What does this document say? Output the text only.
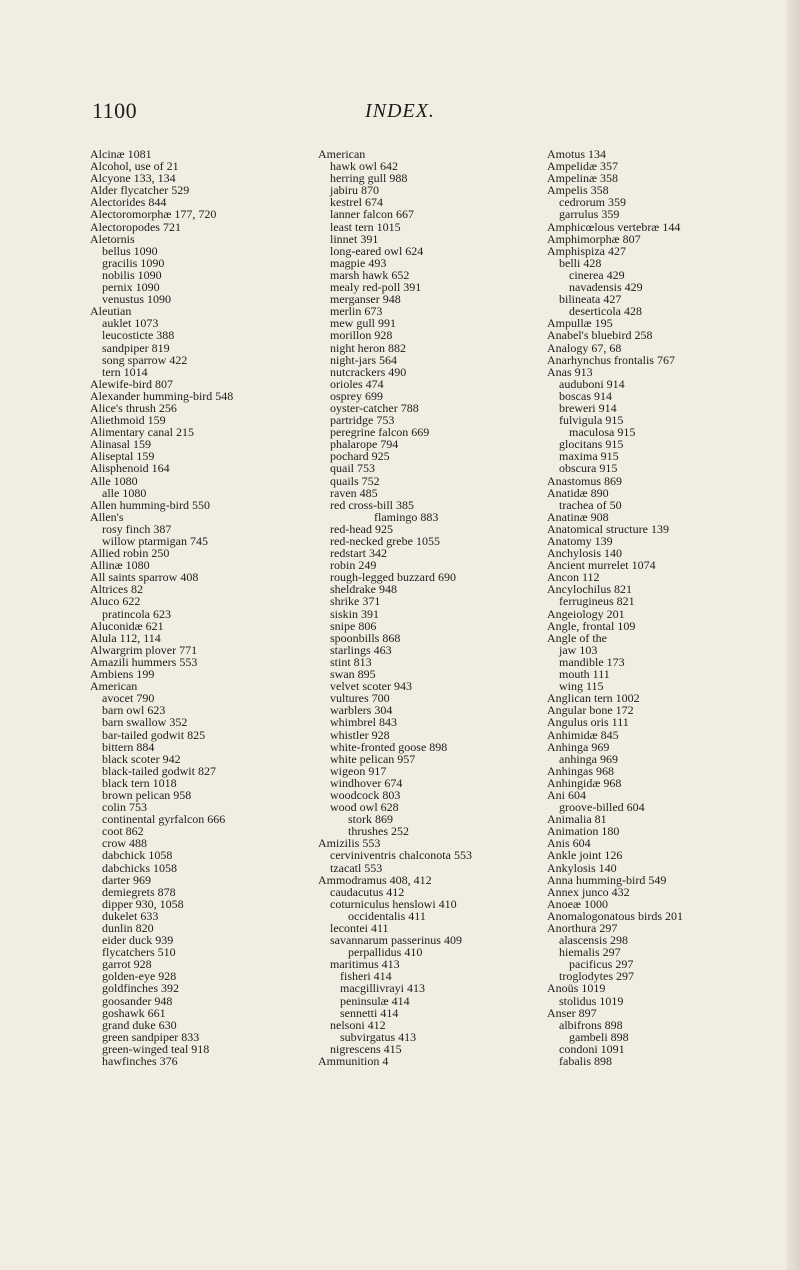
1100	INDEX.
Alcinæ 1081
Alcohol, use of 21
Alcyone 133, 134
Alder flycatcher 529
Alectorides 844
Alectoromorphæ 177, 720
Alectoropodes 721
Aletornis
bellus 1090
gracilis 1090
nobilis 1090
pernix 1090
venustus 1090
Aleutian
auklet 1073
leucosticte 388
sandpiper 819
song sparrow 422
tern 1014
Alewife-bird 807
Alexander humming-bird 548
Alice's thrush 256
Aliethmoid 159
Alimentary canal 215
Alinasal 159
Aliseptal 159
Alisphenoid 164
Alle 1080
alle 1080
Allen humming-bird 550
Allen's
rosy finch 387
willow ptarmigan 745
Allied robin 250
Allinæ 1080
All saints sparrow 408
Altrices 82
Aluco 622
pratincola 623
Aluconidæ 621
Alula 112, 114
Alwargrim plover 771
Amazili hummers 553
Ambiens 199
American
avocet 790
barn owl 623
barn swallow 352
bar-tailed godwit 825
bittern 884
black scoter 942
black-tailed godwit 827
black tern 1018
brown pelican 958
colin 753
continental gyrfalcon 666
coot 862
crow 488
dabchick 1058
dabchicks 1058
darter 969
demiegrets 878
dipper 930, 1058
dukelet 633
dunlin 820
eider duck 939
flycatchers 510
garrot 928
golden-eye 928
goldfinches 392
goosander 948
goshawk 661
grand duke 630
green sandpiper 833
green-winged teal 918
hawfinches 376
American
hawk owl 642
herring gull 988
jabiru 870
kestrel 674
lanner falcon 667
least tern 1015
linnet 391
long-eared owl 624
magpie 493
marsh hawk 652
mealy red-poll 391
merganser 948
merlin 673
mew gull 991
morillon 928
night heron 882
night-jars 564
nutcrackers 490
orioles 474
osprey 699
oyster-catcher 788
partridge 753
peregrine falcon 669
phalarope 794
pochard 925
quail 753
quails 752
raven 485
red cross-bill 385
flamingo 883
red-head 925
red-necked grebe 1055
redstart 342
robin 249
rough-legged buzzard 690
sheldrake 948
shrike 371
siskin 391
snipe 806
spoonbills 868
starlings 463
stint 813
swan 895
velvet scoter 943
vultures 700
warblers 304
whimbrel 843
whistler 928
white-fronted goose 898
white pelican 957
wigeon 917
windhover 674
woodcock 803
wood owl 628
stork 869
thrushes 252
Amizilis 553
cerviniventris chalconota 553
tzacatl 553
Ammodramus 408, 412
caudacutus 412
coturniculus henslowi 410
occidentalis 411
lecontei 411
savannarum passerinus 409
perpallidus 410
maritimus 413
fisheri 414
macgillivrayi 413
peninsulæ 414
sennetti 414
nelsoni 412
subvirgatus 413
nigrescens 415
Ammunition 4
Amotus 134
Ampelidæ 357
Ampelinæ 358
Ampelis 358
cedrorum 359
garrulus 359
Amphicœlous vertebræ 144
Amphimorphæ 807
Amphispiza 427
belli 428
cinerea 429
navadensis 429
bilineata 427
deserticola 428
Ampullæ 195
Anabel's bluebird 258
Analogy 67, 68
Anarhynchus frontalis 767
Anas 913
auduboni 914
boscas 914
breweri 914
fulvigula 915
maculosa 915
glocitans 915
maxima 915
obscura 915
Anastomus 869
Anatidæ 890
trachea of 50
Anatinæ 908
Anatomical structure 139
Anatomy 139
Anchylosis 140
Ancient murrelet 1074
Ancon 112
Ancylochilus 821
ferrugineus 821
Angeiology 201
Angle, frontal 109
Angle of the
jaw 103
mandible 173
mouth 111
wing 115
Anglican tern 1002
Angular bone 172
Angulus oris 111
Anhimidæ 845
Anhinga 969
anhinga 969
Anhingas 968
Anhingidæ 968
Ani 604
groove-billed 604
Animalia 81
Animation 180
Anis 604
Ankle joint 126
Ankylosis 140
Anna humming-bird 549
Annex junco 432
Anoeæ 1000
Anomalogonatous birds 201
Anorthura 297
alascensis 298
hiemalis 297
pacificus 297
troglodytes 297
Anoüs 1019
stolidus 1019
Anser 897
albifrons 898
gambeli 898
condoni 1091
fabalis 898
